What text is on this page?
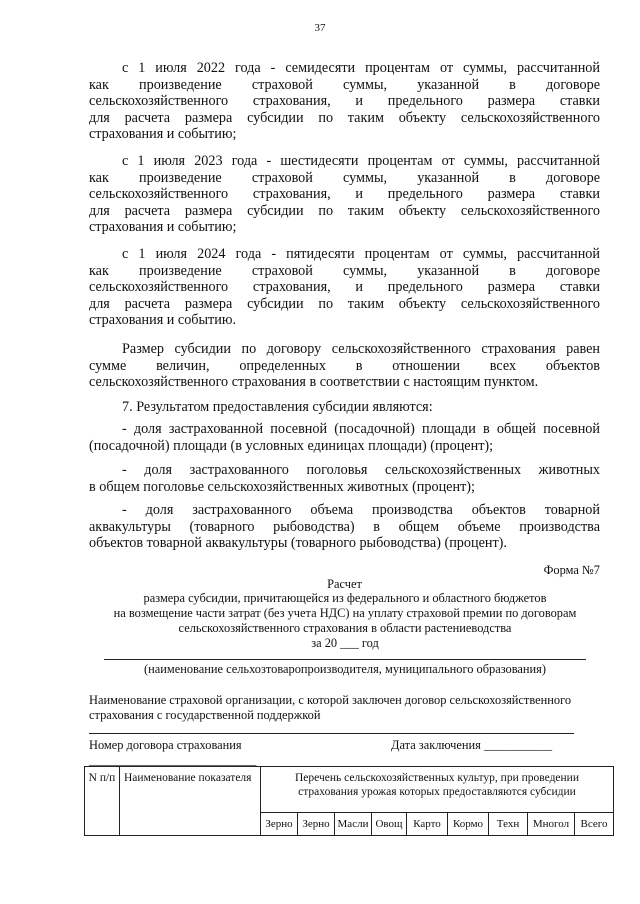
37
с 1 июля 2022 года - семидесяти процентам от суммы, рассчитанной
как произведение страховой суммы, указанной в договоре
сельскохозяйственного страхования, и предельного размера ставки
для расчета размера субсидии по таким объекту сельскохозяйственного
страхования и событию;
с 1 июля 2023 года - шестидесяти процентам от суммы, рассчитанной
как произведение страховой суммы, указанной в договоре
сельскохозяйственного страхования, и предельного размера ставки
для расчета размера субсидии по таким объекту сельскохозяйственного
страхования и событию;
с 1 июля 2024 года - пятидесяти процентам от суммы, рассчитанной
как произведение страховой суммы, указанной в договоре
сельскохозяйственного страхования, и предельного размера ставки
для расчета размера субсидии по таким объекту сельскохозяйственного
страхования и событию.
Размер субсидии по договору сельскохозяйственного страхования равен
сумме величин, определенных в отношении всех объектов
сельскохозяйственного страхования в соответствии с настоящим пунктом.
7. Результатом предоставления субсидии являются:
- доля застрахованной посевной (посадочной) площади в общей посевной
(посадочной) площади (в условных единицах площади) (процент);
- доля застрахованного поголовья сельскохозяйственных животных
в общем поголовье сельскохозяйственных животных (процент);
- доля застрахованного объема производства объектов товарной
аквакультуры (товарного рыбоводства) в общем объеме производства
объектов товарной аквакультуры (товарного рыбоводства) (процент).
Форма №7
Расчет
размера субсидии, причитающейся из федерального и областного бюджетов
на возмещение части затрат (без учета НДС) на уплату страховой премии по договорам
сельскохозяйственного страхования в области растениеводства
за 20 ___ год
(наименование сельхозтоваропроизводителя, муниципального образования)
Наименование страховой организации, с которой заключен договор сельскохозяйственного
страхования с государственной поддержкой
Номер договора страхования ___________________________
Дата заключения ___________
N п/п	Наименование показателя	Перечень сельскохозяйственных культур, при проведении страхования урожая которых предоставляются субсидии								
		Зерно	Зерно	Масли	Овощ	Карто	Кормо	Техн	Многол	Всего
